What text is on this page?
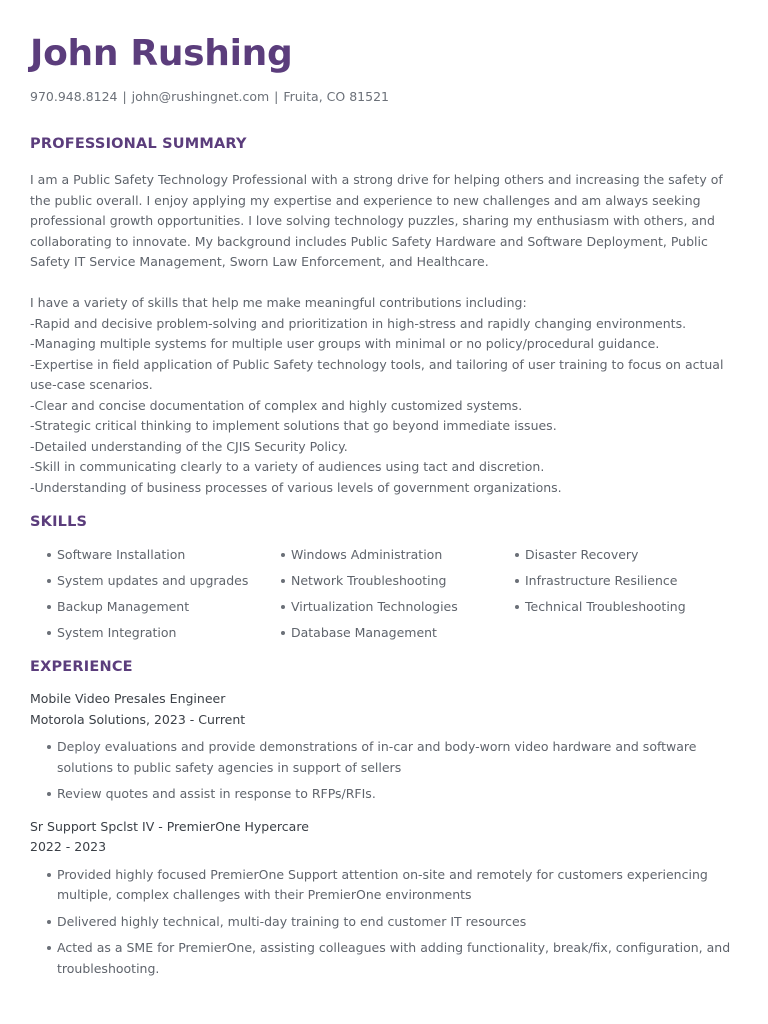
John Rushing
970.948.8124 | john@rushingnet.com | Fruita, CO 81521
PROFESSIONAL SUMMARY

I am a Public Safety Technology Professional with a strong drive for helping others and increasing the safety of the public overall. I enjoy applying my expertise and experience to new challenges and am always seeking professional growth opportunities. I love solving technology puzzles, sharing my enthusiasm with others, and collaborating to innovate. My background includes Public Safety Hardware and Software Deployment, Public Safety IT Service Management, Sworn Law Enforcement, and Healthcare.

I have a variety of skills that help me make meaningful contributions including:

-Rapid and decisive problem-solving and prioritization in high-stress and rapidly changing environments.

-Managing multiple systems for multiple user groups with minimal or no policy/procedural guidance.

-Expertise in field application of Public Safety technology tools, and tailoring of user training to focus on actual use-case scenarios.

-Clear and concise documentation of complex and highly customized systems.

-Strategic critical thinking to implement solutions that go beyond immediate issues.

-Detailed understanding of the CJIS Security Policy.

-Skill in communicating clearly to a variety of audiences using tact and discretion.

-Understanding of business processes of various levels of government organizations.

SKILLS
Software Installation	Windows Administration	Disaster Recovery
System updates and upgrades	Network Troubleshooting	Infrastructure Resilience
Backup Management	Virtualization Technologies	Technical Troubleshooting
System Integration	Database Management
EXPERIENCE
Mobile Video Presales Engineer
Motorola Solutions, 2023 - Current
Deploy evaluations and provide demonstrations of in-car and body-worn video hardware and software solutions to public safety agencies in support of sellers
Review quotes and assist in response to RFPs/RFIs.
Sr Support Spclst IV - PremierOne Hypercare
2022 - 2023
Provided highly focused PremierOne Support attention on-site and remotely for customers experiencing multiple, complex challenges with their PremierOne environments
Delivered highly technical, multi-day training to end customer IT resources
Acted as a SME for PremierOne, assisting colleagues with adding functionality, break/fix, configuration, and troubleshooting.
